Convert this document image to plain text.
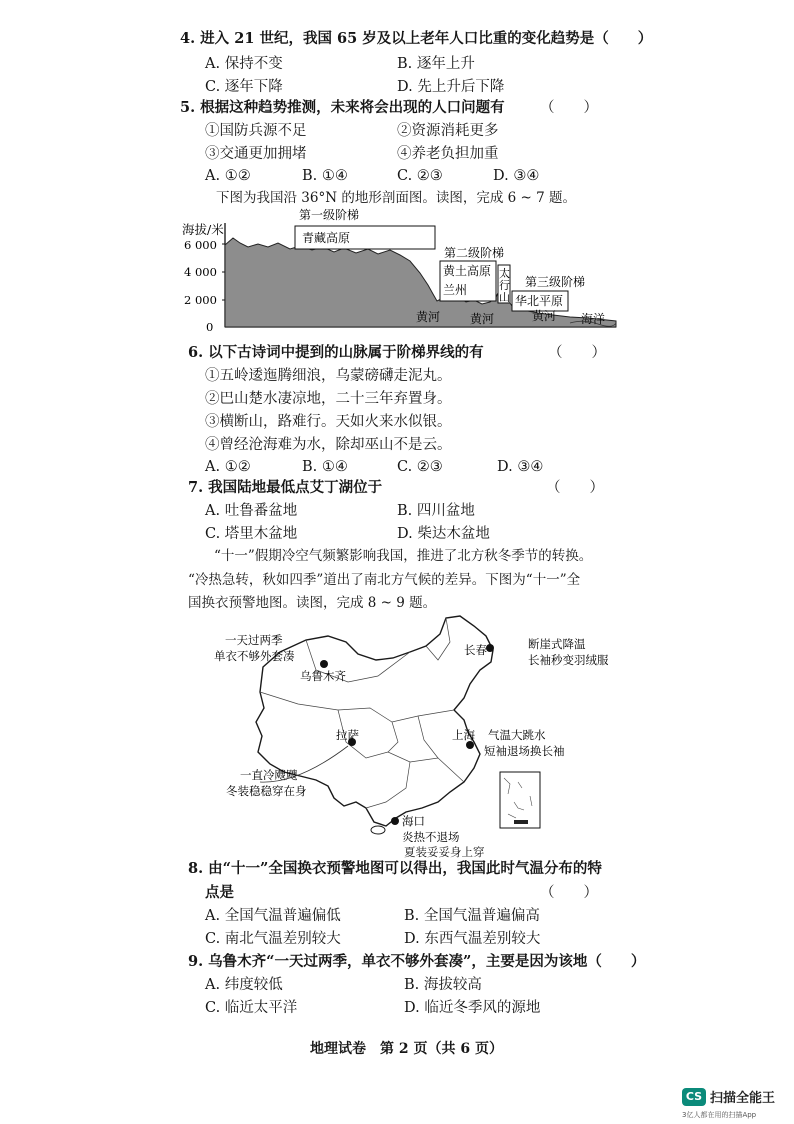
4. 进入 21 世纪，我国 65 岁及以上老年人口比重的变化趋势是（　　）
A. 保持不变	B. 逐年上升
C. 逐年下降	D. 先上升后下降
5. 根据这种趋势推测，未来将会出现的人口问题有 （　　）
①国防兵源不足	②资源消耗更多
③交通更加拥堵	④养老负担加重
A. ①②	B. ①④	C. ②③	D. ③④
下图为我国沿 36°N 的地形剖面图。读图，完成 6 ~ 7 题。
海拔/米
6 000
4 000
2 000
0
第一级阶梯
青藏高原
第二级阶梯
黄土高原
兰州
太
行
山
第三级阶梯
华北平原
黄河 黄河	黄河 海洋
6. 以下古诗词中提到的山脉属于阶梯界线的有	（　　）
①五岭逶迤腾细浪，乌蒙磅礴走泥丸。
②巴山楚水凄凉地，二十三年弃置身。
③横断山，路难行。天如火来水似银。
④曾经沧海难为水，除却巫山不是云。
A. ①②	B. ①④	C. ②③	D. ③④
7. 我国陆地最低点艾丁湖位于	（　　）
A. 吐鲁番盆地	B. 四川盆地
C. 塔里木盆地	D. 柴达木盆地
“十一”假期冷空气频繁影响我国，推进了北方秋冬季节的转换。
“冷热急转，秋如四季”道出了南北方气候的差异。下图为“十一”全
国换衣预警地图。读图，完成 8 ~ 9 题。
乌鲁木齐
长春
拉萨	上海
海口
一天过两季
单衣不够外套凑
断崖式降温
长袖秒变羽绒服
一直冷飕飕
冬装稳稳穿在身
气温大跳水
短袖退场换长袖
炎热不退场
夏装妥妥身上穿
8. 由“十一”全国换衣预警地图可以得出，我国此时气温分布的特
点是	（　　）
A. 全国气温普遍偏低	B. 全国气温普遍偏高
C. 南北气温差别较大	D. 东西气温差别较大
9. 乌鲁木齐“一天过两季，单衣不够外套凑”，主要是因为该地（　　）
A. 纬度较低	B. 海拔较高
C. 临近太平洋	D. 临近冬季风的源地
地理试卷　第 2 页（共 6 页）
CS 扫描全能王
3亿人都在用的扫描App
